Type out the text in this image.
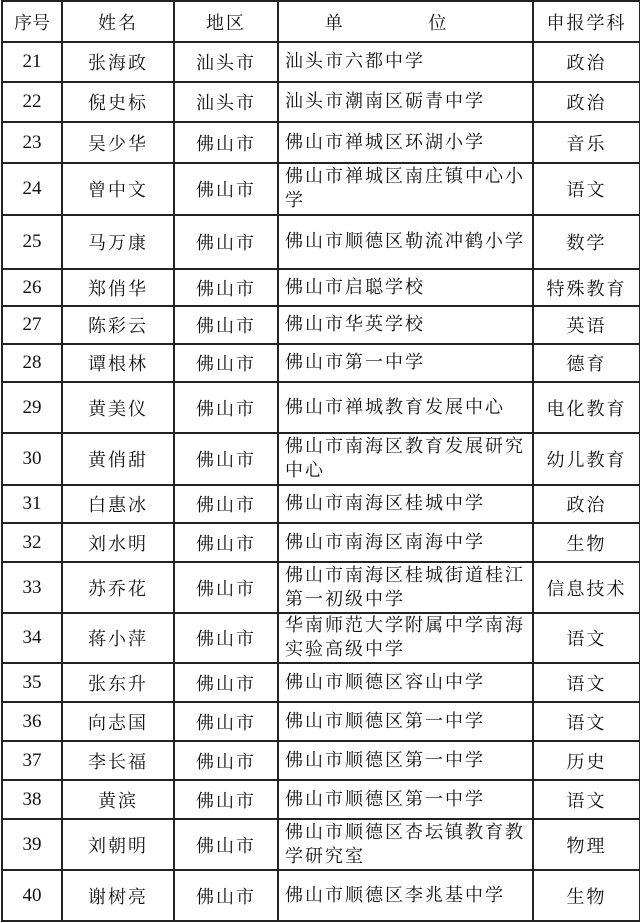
序号	姓名	地区	单 位	申报学科
21	张海政	汕头市	汕头市六都中学	政治
22	倪史标	汕头市	汕头市潮南区砺青中学	政治
23	吴少华	佛山市	佛山市禅城区环湖小学	音乐
24	曾中文	佛山市	佛山市禅城区南庄镇中心小学	语文
25	马万康	佛山市	佛山市顺德区勒流冲鹤小学	数学
26	郑俏华	佛山市	佛山市启聪学校	特殊教育
27	陈彩云	佛山市	佛山市华英学校	英语
28	谭根林	佛山市	佛山市第一中学	德育
29	黄美仪	佛山市	佛山市禅城教育发展中心	电化教育
30	黄俏甜	佛山市	佛山市南海区教育发展研究中心	幼儿教育
31	白惠冰	佛山市	佛山市南海区桂城中学	政治
32	刘水明	佛山市	佛山市南海区南海中学	生物
33	苏乔花	佛山市	佛山市南海区桂城街道桂江第一初级中学	信息技术
34	蒋小萍	佛山市	华南师范大学附属中学南海实验高级中学	语文
35	张东升	佛山市	佛山市顺德区容山中学	语文
36	向志国	佛山市	佛山市顺德区第一中学	语文
37	李长福	佛山市	佛山市顺德区第一中学	历史
38	黄滨	佛山市	佛山市顺德区第一中学	语文
39	刘朝明	佛山市	佛山市顺德区杏坛镇教育教学研究室	物理
40	谢树亮	佛山市	佛山市顺德区李兆基中学	生物
